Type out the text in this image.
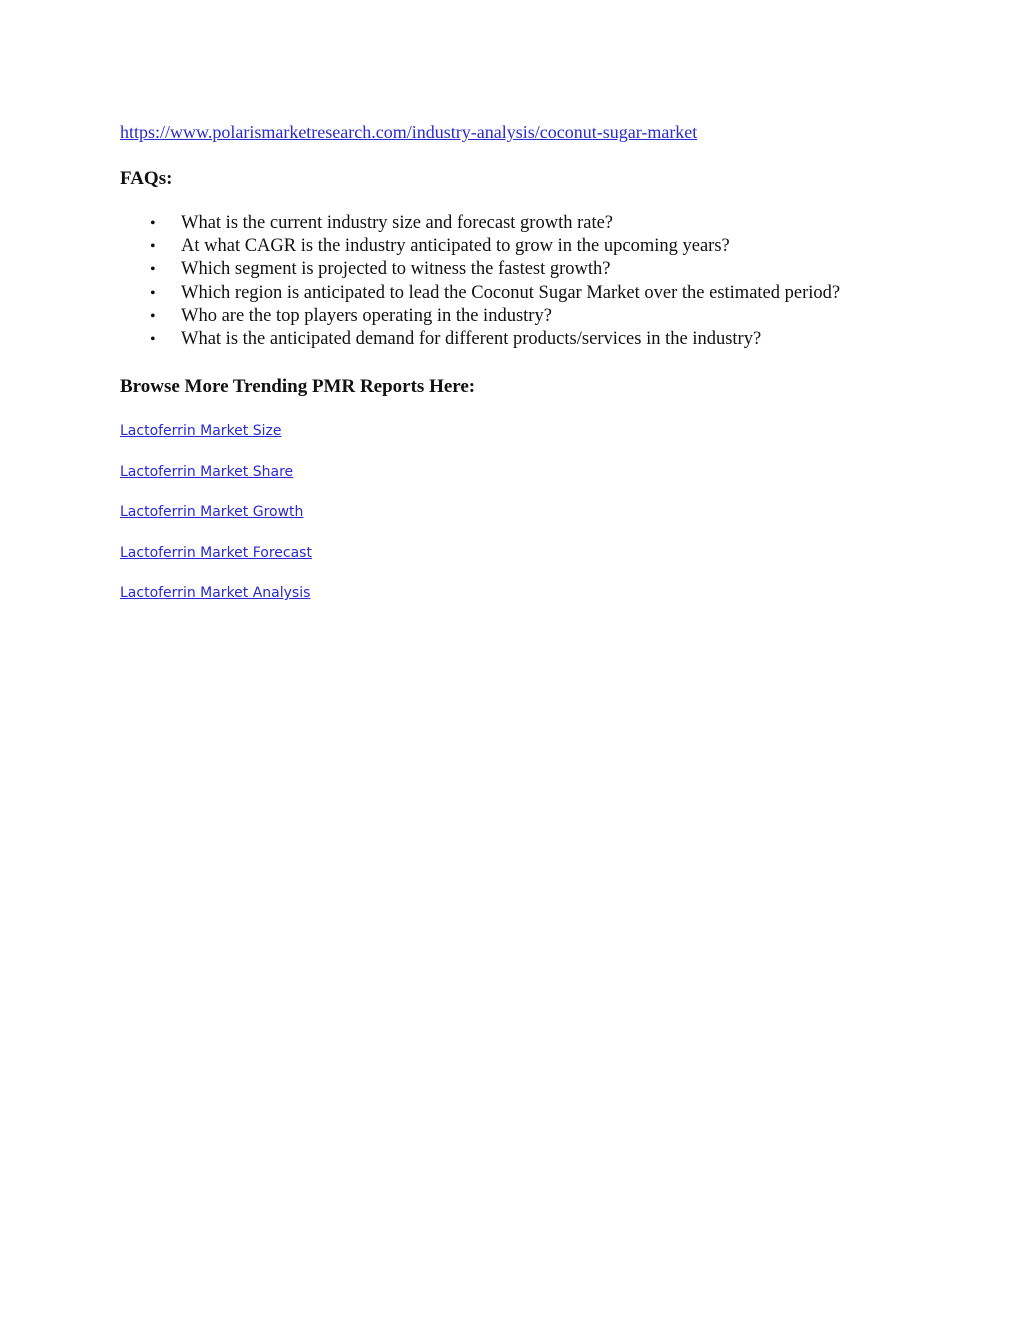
https://www.polarismarketresearch.com/industry-analysis/coconut-sugar-market
FAQs:
• What is the current industry size and forecast growth rate?
• At what CAGR is the industry anticipated to grow in the upcoming years?
• Which segment is projected to witness the fastest growth?
• Which region is anticipated to lead the Coconut Sugar Market over the estimated period?
• Who are the top players operating in the industry?
• What is the anticipated demand for different products/services in the industry?
Browse More Trending PMR Reports Here:
Lactoferrin Market Size
Lactoferrin Market Share
Lactoferrin Market Growth
Lactoferrin Market Forecast
Lactoferrin Market Analysis
